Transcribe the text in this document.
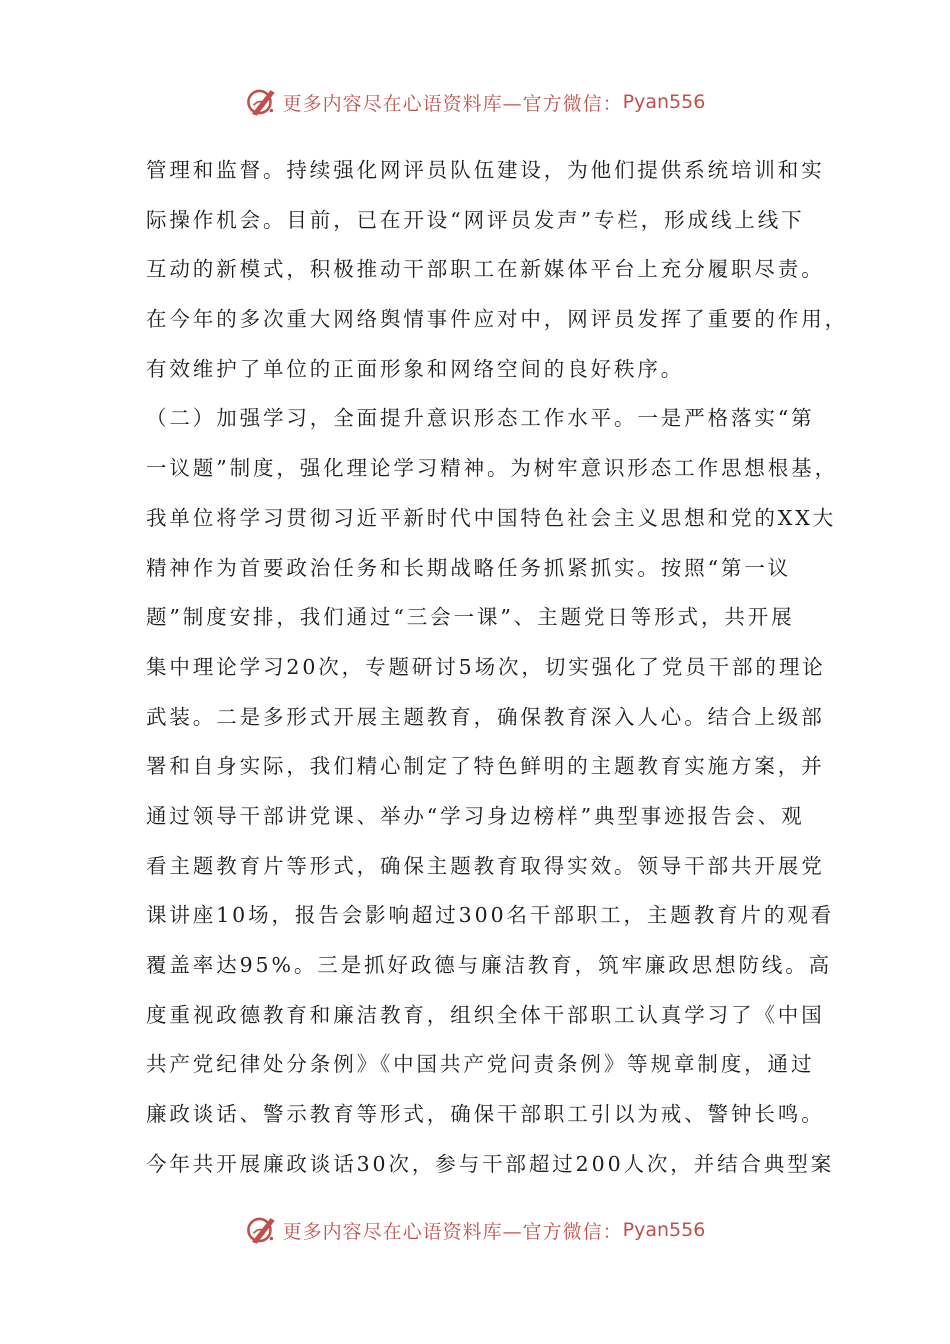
更多内容尽在心语资料库—官方微信： Pyan556
管理和监督。持续强化网评员队伍建设，为他们提供系统培训和实
际操作机会。目前，已在开设“网评员发声”专栏，形成线上线下
互动的新模式，积极推动干部职工在新媒体平台上充分履职尽责。
在今年的多次重大网络舆情事件应对中，网评员发挥了重要的作用，
有效维护了单位的正面形象和网络空间的良好秩序。
（二）加强学习，全面提升意识形态工作水平。一是严格落实“第
一议题”制度，强化理论学习精神。为树牢意识形态工作思想根基，
我单位将学习贯彻习近平新时代中国特色社会主义思想和党的XX大
精神作为首要政治任务和长期战略任务抓紧抓实。按照“第一议
题”制度安排，我们通过“三会一课”、主题党日等形式，共开展
集中理论学习20次，专题研讨5场次，切实强化了党员干部的理论
武装。二是多形式开展主题教育，确保教育深入人心。结合上级部
署和自身实际，我们精心制定了特色鲜明的主题教育实施方案，并
通过领导干部讲党课、举办“学习身边榜样”典型事迹报告会、观
看主题教育片等形式，确保主题教育取得实效。领导干部共开展党
课讲座10场，报告会影响超过300名干部职工，主题教育片的观看
覆盖率达95%。三是抓好政德与廉洁教育，筑牢廉政思想防线。高
度重视政德教育和廉洁教育，组织全体干部职工认真学习了《中国
共产党纪律处分条例》《中国共产党问责条例》等规章制度，通过
廉政谈话、警示教育等形式，确保干部职工引以为戒、警钟长鸣。
今年共开展廉政谈话30次，参与干部超过200人次，并结合典型案
更多内容尽在心语资料库—官方微信： Pyan556
